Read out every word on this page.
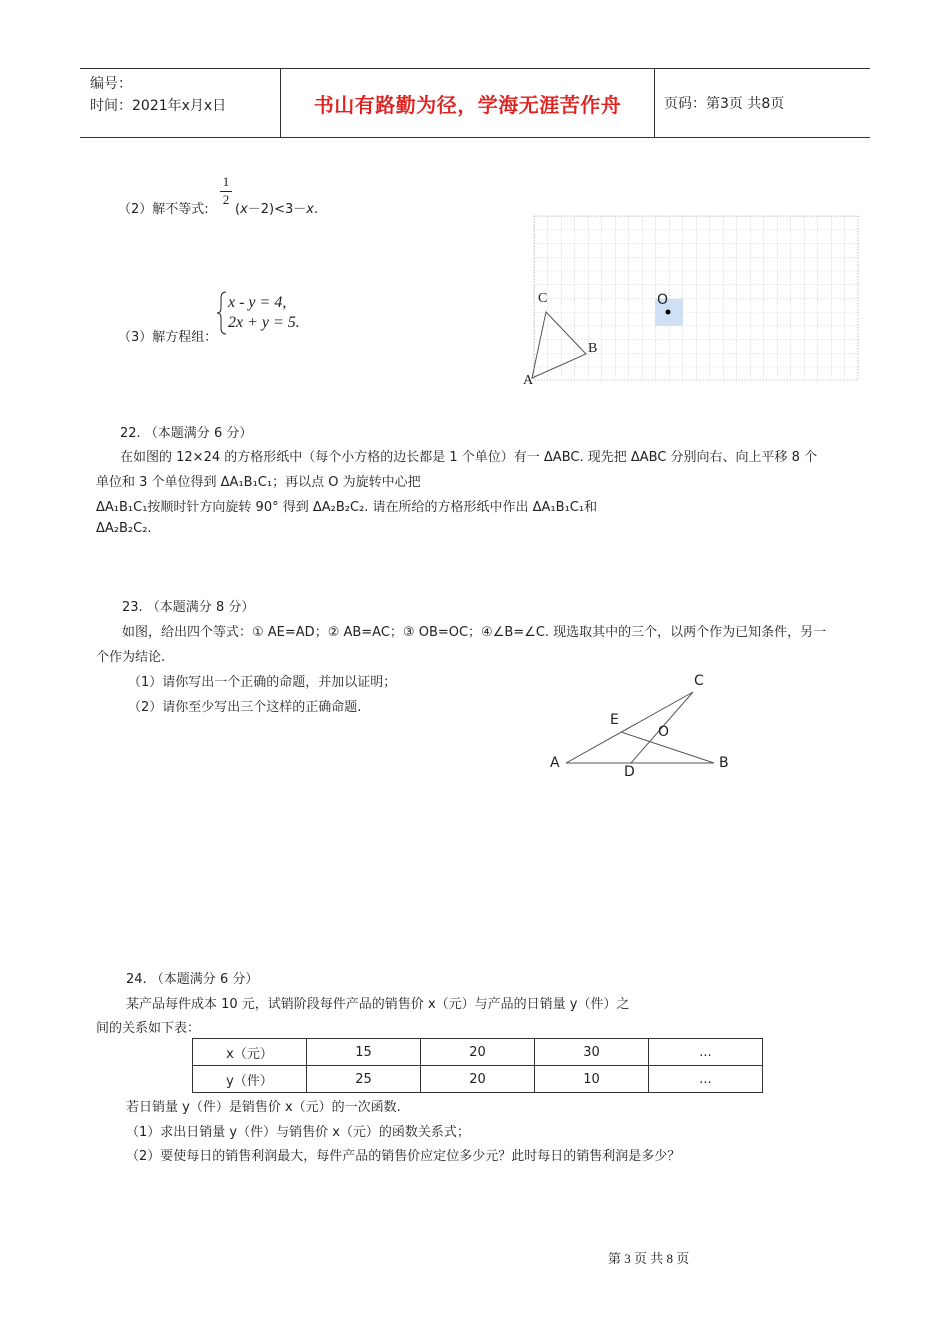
编号：
时间：2021年x月x日	书山有路勤为径，学海无涯苦作舟	页码：第3页 共8页
（2）解不等式:
1
2
(x－2)<3－x.
（3）解方程组：
x - y = 4,
2x + y = 5.
C
B
A
O
22. （本题满分 6 分）
在如图的 12×24 的方格形纸中（每个小方格的边长都是 1 个单位）有一 ΔABC. 现先把 ΔABC 分别向右、向上平移 8 个
单位和 3 个单位得到 ΔA₁B₁C₁；再以点 O 为旋转中心把
ΔA₁B₁C₁按顺时针方向旋转 90° 得到 ΔA₂B₂C₂. 请在所给的方格形纸中作出 ΔA₁B₁C₁和
ΔA₂B₂C₂.
23. （本题满分 8 分）
如图，给出四个等式：① AE=AD；② AB=AC；③ OB=OC；④∠B=∠C. 现选取其中的三个，以两个作为已知条件，另一
个作为结论.
（1）请你写出一个正确的命题，并加以证明；
（2）请你至少写出三个这样的正确命题.
C
E
O
A
D
B
24. （本题满分 6 分）
某产品每件成本 10 元，试销阶段每件产品的销售价 x（元）与产品的日销量 y（件）之
间的关系如下表：
x（元）	15	20	30	...
y（件）	25	20	10	...
若日销量 y（件）是销售价 x（元）的一次函数.
（1）求出日销量 y（件）与销售价 x（元）的函数关系式；
（2）要使每日的销售利润最大，每件产品的销售价应定位多少元？此时每日的销售利润是多少？
第 3 页 共 8 页
